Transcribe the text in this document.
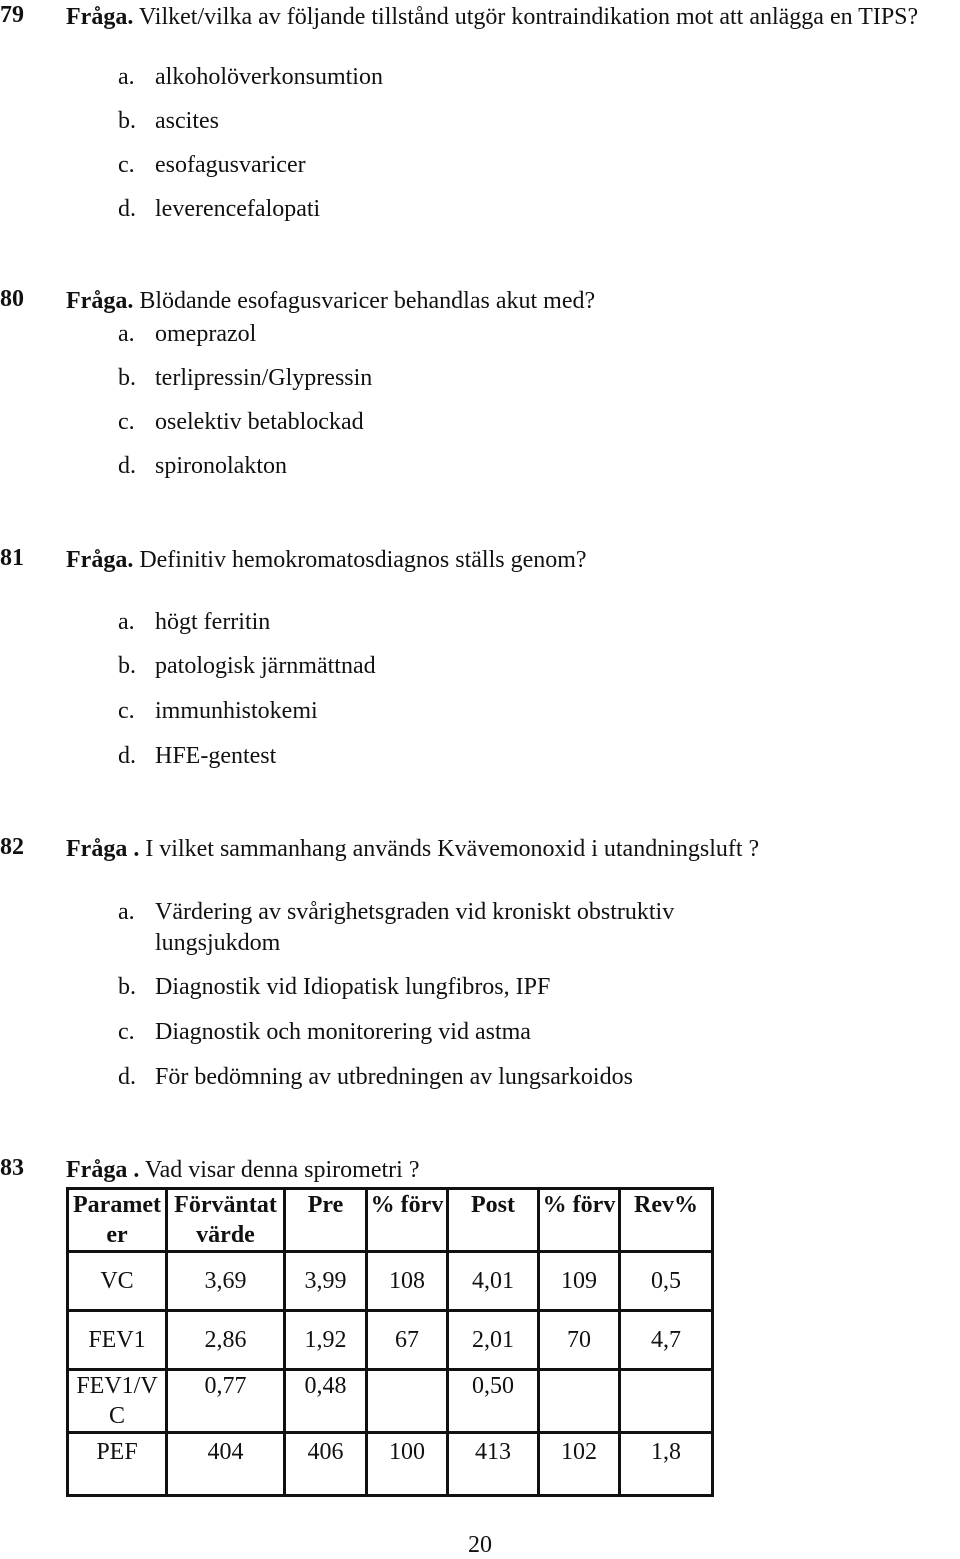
79 Fråga. Vilket/vilka av följande tillstånd utgör kontraindikation mot att anlägga en TIPS?
a. alkoholöverkonsumtion
b. ascites
c. esofagusvaricer
d. leverencefalopati
80 Fråga. Blödande esofagusvaricer behandlas akut med?
a. omeprazol
b. terlipressin/Glypressin
c. oselektiv betablockad
d. spironolakton
81 Fråga. Definitiv hemokromatosdiagnos ställs genom?
a. högt ferritin
b. patologisk järnmättnad
c. immunhistokemi
d. HFE-gentest
82 Fråga . I vilket sammanhang används Kvävemonoxid i utandningsluft ?
a. Värdering av svårighetsgraden vid kroniskt obstruktiv lungsjukdom
b. Diagnostik vid Idiopatisk lungfibros, IPF
c. Diagnostik och monitorering vid astma
d. För bedömning av utbredningen av lungsarkoidos
83 Fråga . Vad visar denna spirometri ?
Paramet er	Förväntat värde	Pre	% förv	Post	% förv	Rev%
VC	3,69	3,99	108	4,01	109	0,5
FEV1	2,86	1,92	67	2,01	70	4,7
FEV1/V C	0,77	0,48		0,50		
PEF	404	406	100	413	102	1,8
20
